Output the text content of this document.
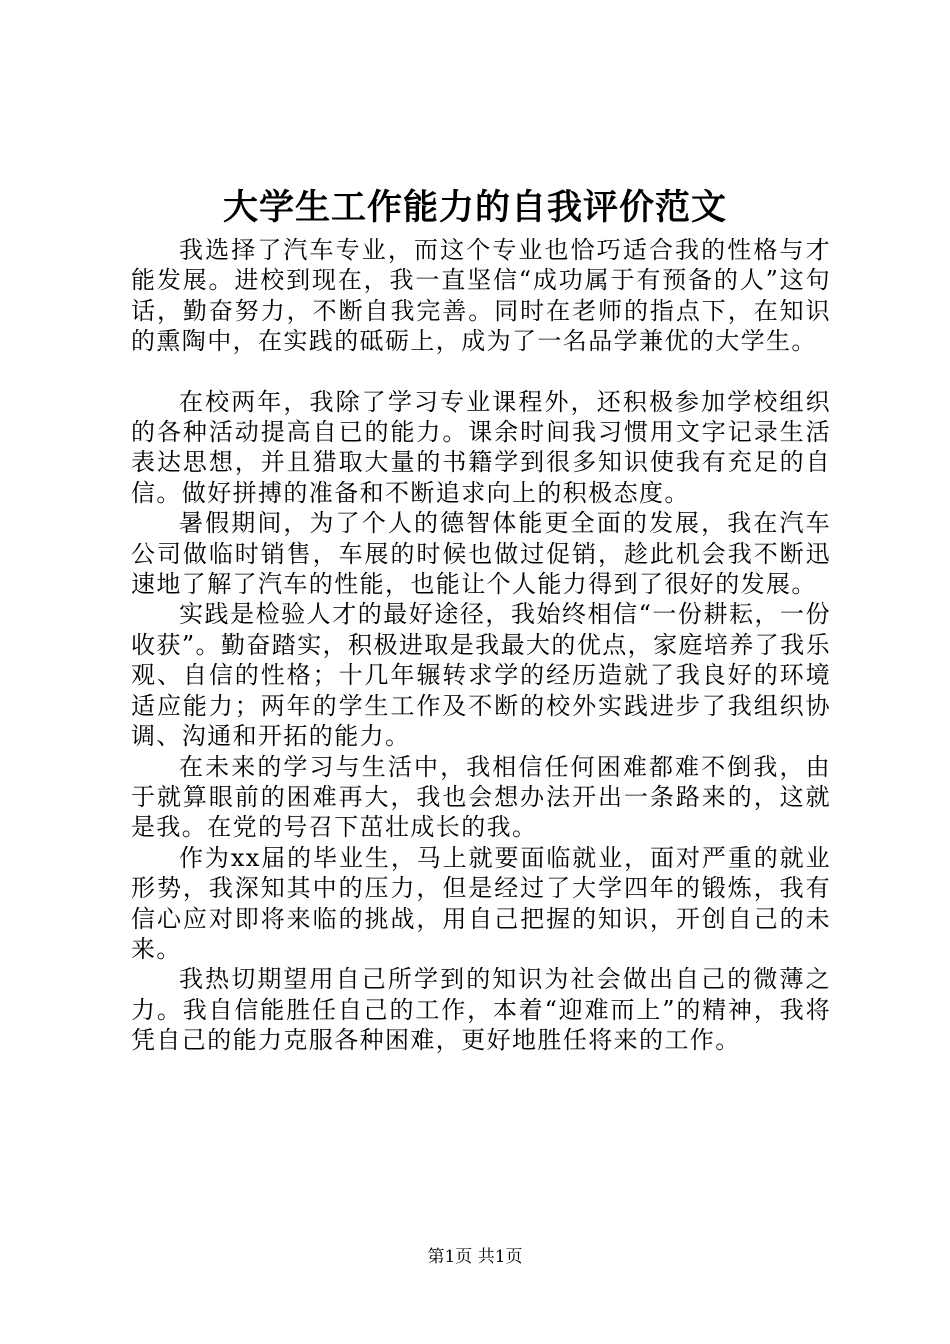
大学生工作能力的自我评价范文

我选择了汽车专业，而这个专业也恰巧适合我的性格与才能发展。进校到现在，我一直坚信“成功属于有预备的人”这句话，勤奋努力，不断自我完善。同时在老师的指点下，在知识的熏陶中，在实践的砥砺上，成为了一名品学兼优的大学生。

在校两年，我除了学习专业课程外，还积极参加学校组织的各种活动提高自已的能力。课余时间我习惯用文字记录生活表达思想，并且猎取大量的书籍学到很多知识使我有充足的自信。做好拼搏的准备和不断追求向上的积极态度。

暑假期间，为了个人的德智体能更全面的发展，我在汽车公司做临时销售，车展的时候也做过促销，趁此机会我不断迅速地了解了汽车的性能，也能让个人能力得到了很好的发展。

实践是检验人才的最好途径，我始终相信“一份耕耘，一份收获”。勤奋踏实，积极进取是我最大的优点，家庭培养了我乐观、自信的性格；十几年辗转求学的经历造就了我良好的环境适应能力；两年的学生工作及不断的校外实践进步了我组织协调、沟通和开拓的能力。

在未来的学习与生活中，我相信任何困难都难不倒我，由于就算眼前的困难再大，我也会想办法开出一条路来的，这就是我。在党的号召下茁壮成长的我。

作为xx届的毕业生，马上就要面临就业，面对严重的就业形势，我深知其中的压力，但是经过了大学四年的锻炼，我有信心应对即将来临的挑战，用自己把握的知识，开创自己的未来。

我热切期望用自己所学到的知识为社会做出自己的微薄之力。我自信能胜任自己的工作，本着“迎难而上”的精神，我将凭自己的能力克服各种困难，更好地胜任将来的工作。

第1页 共1页
